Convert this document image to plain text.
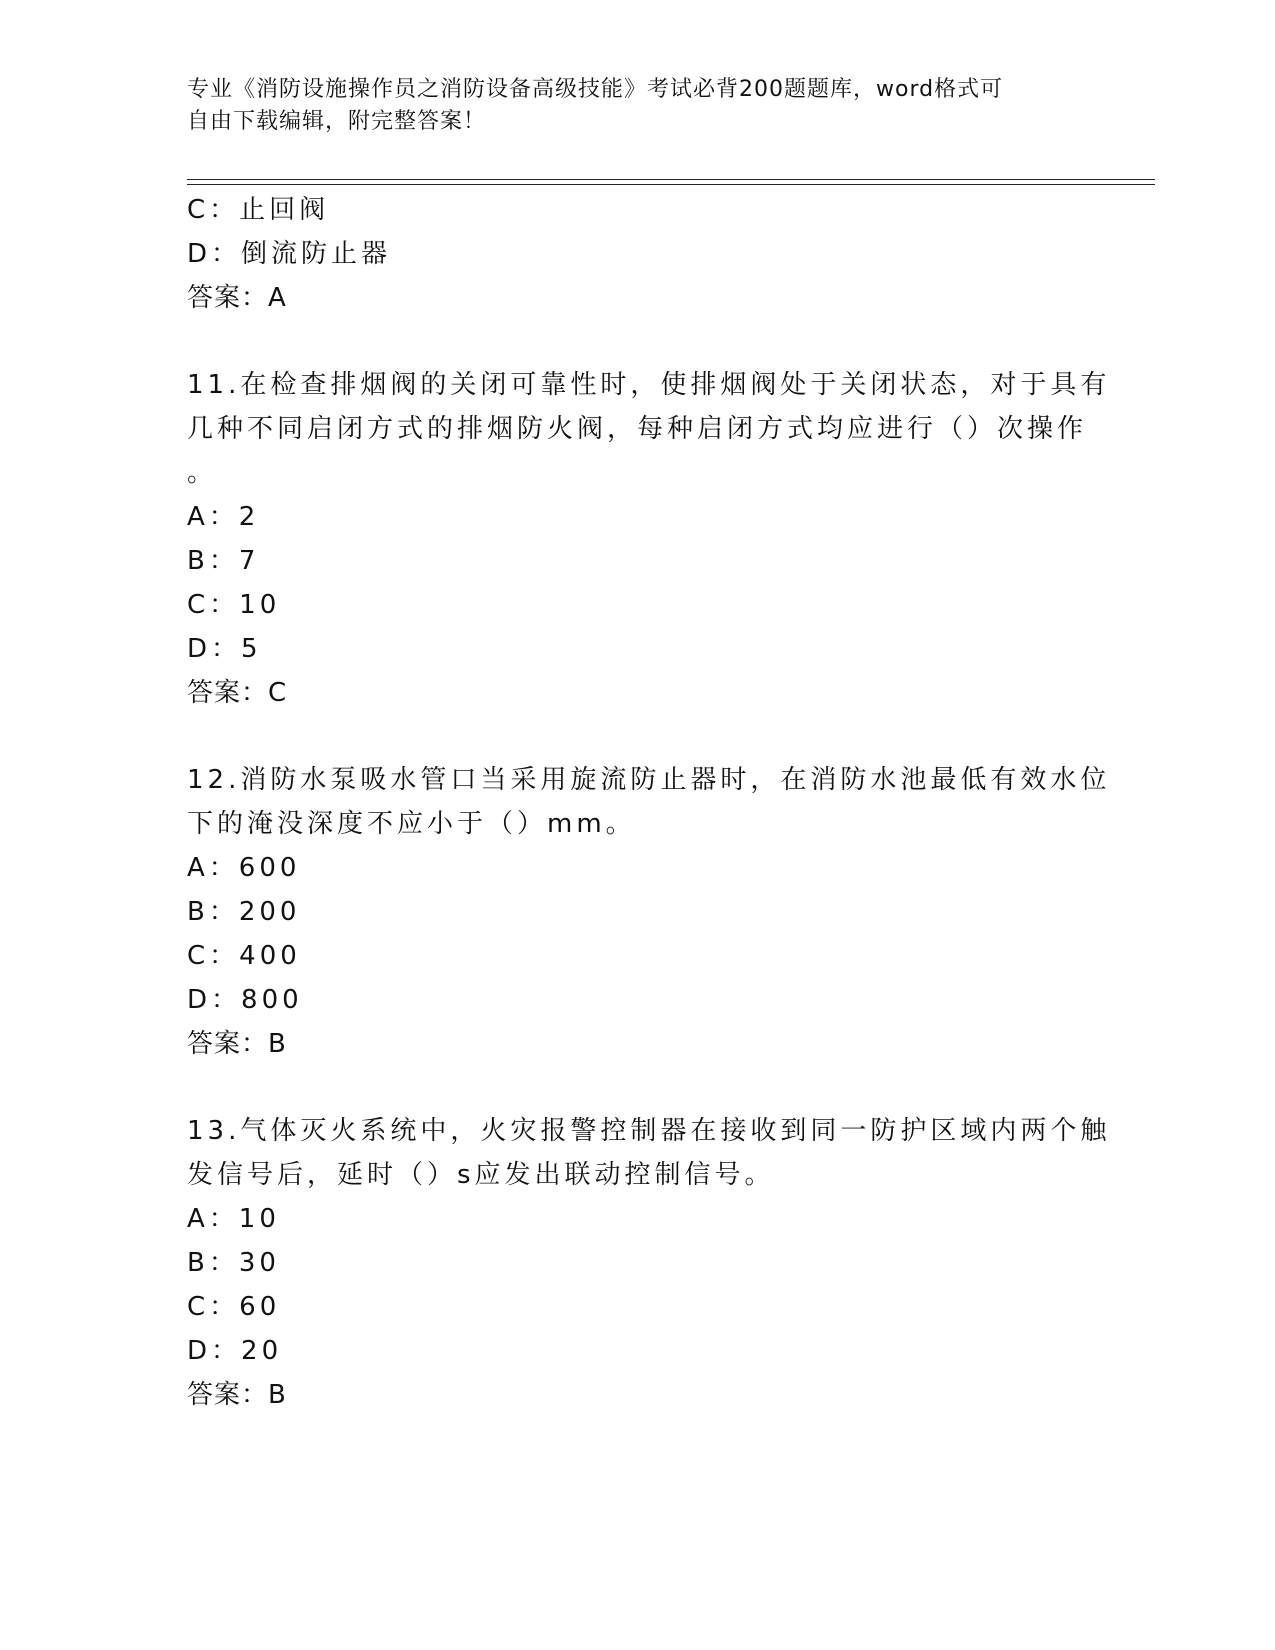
专业《消防设施操作员之消防设备高级技能》考试必背200题题库，word格式可
自由下载编辑，附完整答案！
C：止回阀
D：倒流防止器
答案：A
11.在检查排烟阀的关闭可靠性时，使排烟阀处于关闭状态，对于具有
几种不同启闭方式的排烟防火阀，每种启闭方式均应进行（）次操作
。
A：2
B：7
C：10
D：5
答案：C
12.消防水泵吸水管口当采用旋流防止器时，在消防水池最低有效水位
下的淹没深度不应小于（）mm。
A：600
B：200
C：400
D：800
答案：B
13.气体灭火系统中，火灾报警控制器在接收到同一防护区域内两个触
发信号后，延时（）s应发出联动控制信号。
A：10
B：30
C：60
D：20
答案：B
